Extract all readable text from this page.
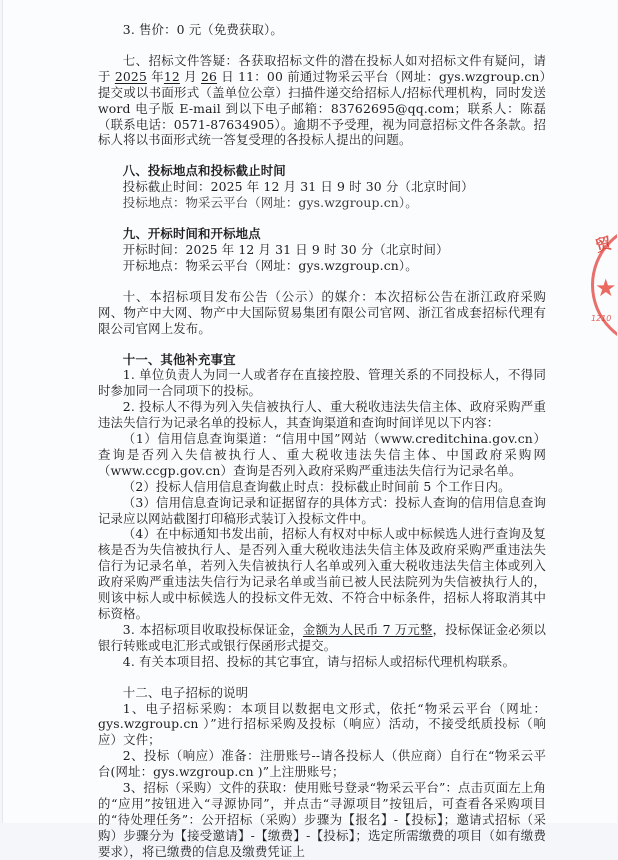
3. 售价：0 元（免费获取）。

七、招标文件答疑：各获取招标文件的潜在投标人如对招标文件有疑问，请于 2025 年12 月 26 日 11：00 前通过物采云平台（网址：gys.wzgroup.cn）提交或以书面形式（盖单位公章）扫描件递交给招标人/招标代理机构，同时发送 word 电子版 E-mail 到以下电子邮箱：83762695@qq.com；联系人：陈磊（联系电话：0571-87634905）。逾期不予受理，视为同意招标文件各条款。招标人将以书面形式统一答复受理的各投标人提出的问题。

八、投标地点和投标截止时间

投标截止时间：2025 年 12 月 31 日 9 时 30 分（北京时间）

投标地点：物采云平台（网址：gys.wzgroup.cn）。

九、开标时间和开标地点

开标时间：2025 年 12 月 31 日 9 时 30 分（北京时间）

开标地点：物采云平台（网址：gys.wzgroup.cn）。

十、本招标项目发布公告（公示）的媒介：本次招标公告在浙江政府采购网、物产中大网、物产中大国际贸易集团有限公司官网、浙江省成套招标代理有限公司官网上发布。

十一、其他补充事宜

1. 单位负责人为同一人或者存在直接控股、管理关系的不同投标人，不得同时参加同一合同项下的投标。

2. 投标人不得为列入失信被执行人、重大税收违法失信主体、政府采购严重违法失信行为记录名单的投标人，其查询渠道和查询时间详见以下内容：

（1）信用信息查询渠道：“信用中国”网站（www.creditchina.gov.cn）查询是否列入失信被执行人、重大税收违法失信主体、中国政府采购网（www.ccgp.gov.cn）查询是否列入政府采购严重违法失信行为记录名单。

（2）投标人信用信息查询截止时点：投标截止时间前 5 个工作日内。

（3）信用信息查询记录和证据留存的具体方式：投标人查询的信用信息查询记录应以网站截图打印稿形式装订入投标文件中。

（4）在中标通知书发出前，招标人有权对中标人或中标候选人进行查询及复核是否为失信被执行人、是否列入重大税收违法失信主体及政府采购严重违法失信行为记录名单，若列入失信被执行人名单或列入重大税收违法失信主体或列入政府采购严重违法失信行为记录名单或当前已被人民法院列为失信被执行人的，则该中标人或中标候选人的投标文件无效、不符合中标条件，招标人将取消其中标资格。

3. 本招标项目收取投标保证金，金额为人民币 7 万元整，投标保证金必须以银行转账或电汇形式或银行保函形式提交。

4. 有关本项目招、投标的其它事宜，请与招标人或招标代理机构联系。

十二、电子招标的说明

1、电子招标采购：本项目以数据电文形式，依托“物采云平台（网址：gys.wzgroup.cn ）”进行招标采购及投标（响应）活动，不接受纸质投标（响应）文件；

2、投标（响应）准备：注册账号--请各投标人（供应商）自行在“物采云平台(网址：gys.wzgroup.cn )”上注册账号；

3、招标（采购）文件的获取：使用账号登录“物采云平台”：点击页面左上角的“应用”按钮进入“寻源协同”，并点击“寻源项目”按钮后，可查看各采购项目的“待处理任务”：公开招标（采购）步骤为【报名】-【投标】；邀请式招标（采购）步骤分为【接受邀请】-【缴费】-【投标】；选定所需缴费的项目（如有缴费要求），将已缴费的信息及缴费凭证上

贸
★
1210
